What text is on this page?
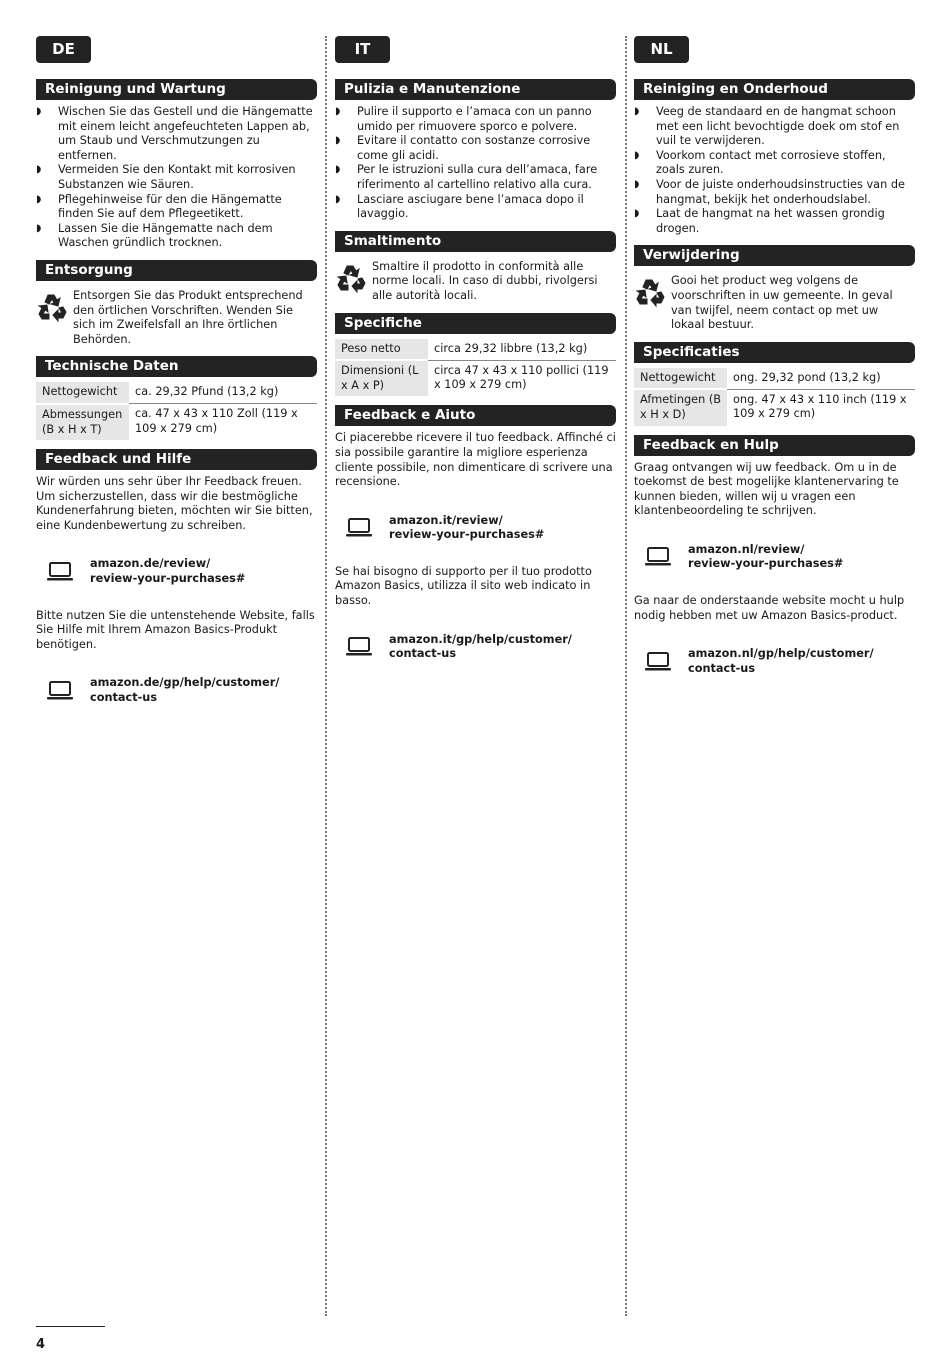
DE
Reinigung und Wartung
◗ Wischen Sie das Gestell und die Hängematte mit einem leicht angefeuchteten Lappen ab, um Staub und Verschmutzungen zu entfernen.
◗ Vermeiden Sie den Kontakt mit korrosiven Substanzen wie Säuren.
◗ Pflegehinweise für den die Hängematte finden Sie auf dem Pflegeetikett.
◗ Lassen Sie die Hängematte nach dem Waschen gründlich trocknen.
Entsorgung
Entsorgen Sie das Produkt entsprechend den örtlichen Vorschriften. Wenden Sie sich im Zweifelsfall an Ihre örtlichen Behörden.
Technische Daten
Nettogewicht	ca. 29,32 Pfund (13,2 kg)
Abmessungen (B x H x T)	ca. 47 x 43 x 110 Zoll (119 x 109 x 279 cm)
Feedback und Hilfe

Wir würden uns sehr über Ihr Feedback freuen. Um sicherzustellen, dass wir die bestmögliche Kundenerfahrung bieten, möchten wir Sie bitten, eine Kundenbewertung zu schreiben.

amazon.de/review/
review-your-purchases#

Bitte nutzen Sie die untenstehende Website, falls Sie Hilfe mit Ihrem Amazon Basics-Produkt benötigen.

amazon.de/gp/help/customer/
contact-us
IT
Pulizia e Manutenzione
◗ Pulire il supporto e l’amaca con un panno umido per rimuovere sporco e polvere.
◗ Evitare il contatto con sostanze corrosive come gli acidi.
◗ Per le istruzioni sulla cura dell’amaca, fare riferimento al cartellino relativo alla cura.
◗ Lasciare asciugare bene l’amaca dopo il lavaggio.
Smaltimento
Smaltire il prodotto in conformità alle norme locali. In caso di dubbi, rivolgersi alle autorità locali.
Specifiche
Peso netto	circa 29,32 libbre (13,2 kg)
Dimensioni (L x A x P)	circa 47 x 43 x 110 pollici (119 x 109 x 279 cm)
Feedback e Aiuto

Ci piacerebbe ricevere il tuo feedback. Affinché ci sia possibile garantire la migliore esperienza cliente possibile, non dimenticare di scrivere una recensione.

amazon.it/review/
review-your-purchases#

Se hai bisogno di supporto per il tuo prodotto Amazon Basics, utilizza il sito web indicato in basso.

amazon.it/gp/help/customer/
contact-us
NL
Reiniging en Onderhoud
◗ Veeg de standaard en de hangmat schoon met een licht bevochtigde doek om stof en vuil te verwijderen.
◗ Voorkom contact met corrosieve stoffen, zoals zuren.
◗ Voor de juiste onderhoudsinstructies van de hangmat, bekijk het onderhoudslabel.
◗ Laat de hangmat na het wassen grondig drogen.
Verwijdering
Gooi het product weg volgens de voorschriften in uw gemeente. In geval van twijfel, neem contact op met uw lokaal bestuur.
Specificaties
Nettogewicht	ong. 29,32 pond (13,2 kg)
Afmetingen (B x H x D)	ong. 47 x 43 x 110 inch (119 x 109 x 279 cm)
Feedback en Hulp

Graag ontvangen wij uw feedback. Om u in de toekomst de best mogelijke klantenervaring te kunnen bieden, willen wij u vragen een klantenbeoordeling te schrijven.

amazon.nl/review/
review-your-purchases#

Ga naar de onderstaande website mocht u hulp nodig hebben met uw Amazon Basics-product.

amazon.nl/gp/help/customer/
contact-us
4
